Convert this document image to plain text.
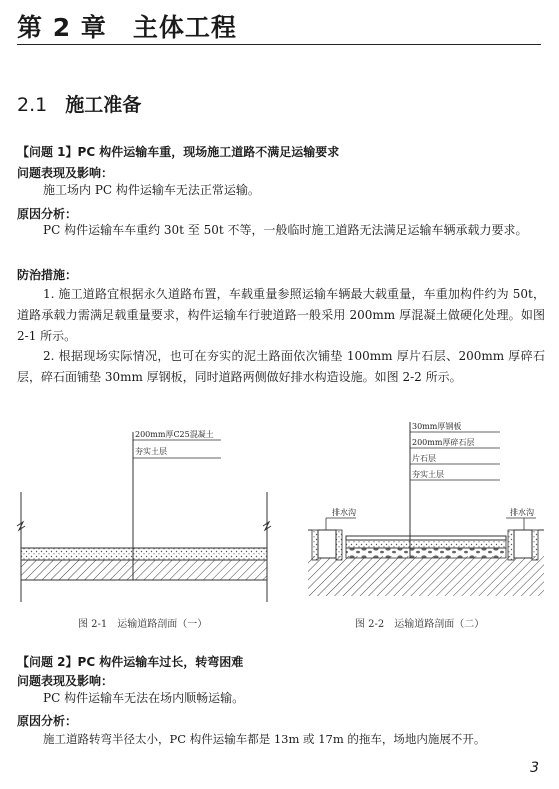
第 2 章 主体工程
2.1 施工准备
【问题 1】PC 构件运输车重，现场施工道路不满足运输要求
问题表现及影响：
施工场内 PC 构件运输车无法正常运输。
原因分析：
PC 构件运输车车重约 30t 至 50t 不等，一般临时施工道路无法满足运输车辆承载力要求。
防治措施：
1. 施工道路宜根据永久道路布置，车载重量参照运输车辆最大载重量，车重加构件约为 50t，道路承载力需满足载重量要求，构件运输车行驶道路一般采用 200mm 厚混凝土做硬化处理。如图 2-1 所示。
2. 根据现场实际情况，也可在夯实的泥土路面依次铺垫 100mm 厚片石层、200mm 厚碎石层，碎石面铺垫 30mm 厚钢板，同时道路两侧做好排水构造设施。如图 2-2 所示。
200mm厚C25混凝土
夯实土层
图 2-1　运输道路剖面（一）
30mm厚钢板
200mm厚碎石层
片石层
夯实土层
排水沟	排水沟
图 2-2　运输道路剖面（二）
【问题 2】PC 构件运输车过长，转弯困难
问题表现及影响：
PC 构件运输车无法在场内顺畅运输。
原因分析：
施工道路转弯半径太小，PC 构件运输车都是 13m 或 17m 的拖车，场地内施展不开。
3
